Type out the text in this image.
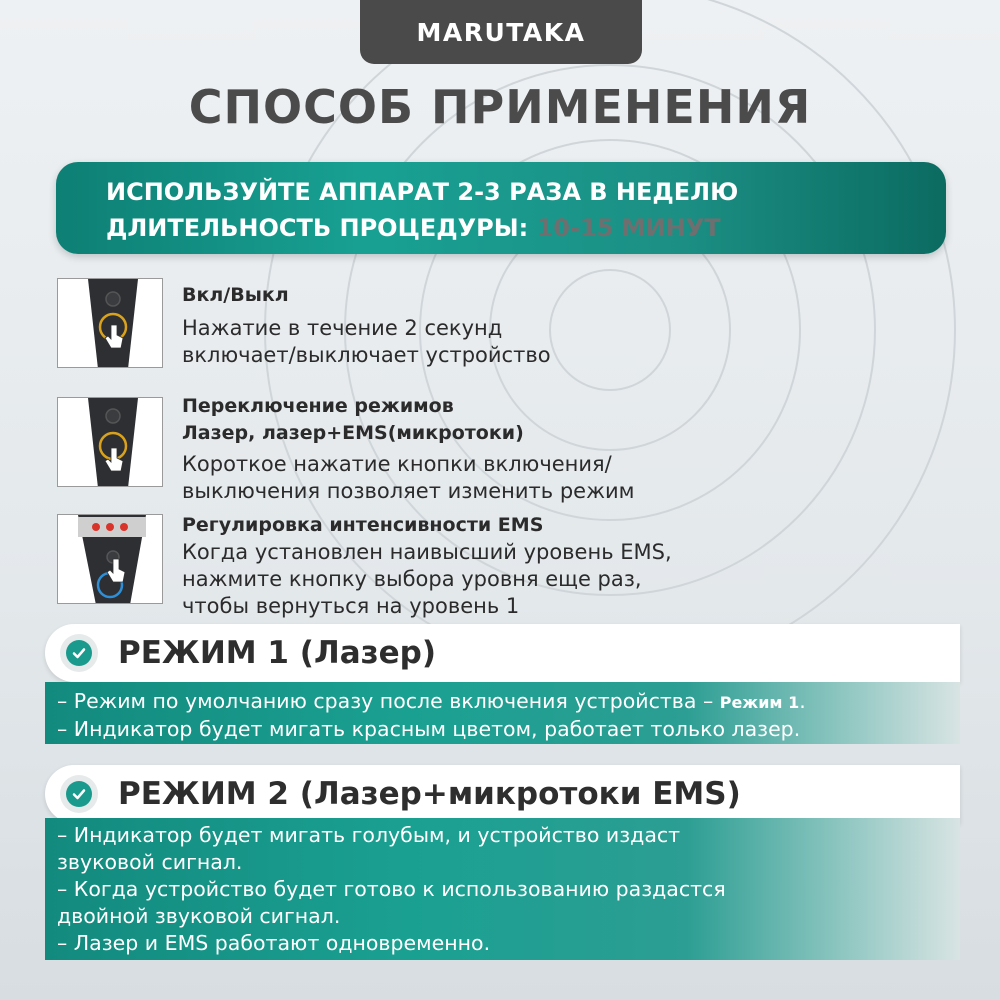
MARUTAKA
СПОСОБ ПРИМЕНЕНИЯ
ИСПОЛЬЗУЙТЕ АППАРАТ 2-3 РАЗА В НЕДЕЛЮ
ДЛИТЕЛЬНОСТЬ ПРОЦЕДУРЫ: 10-15 МИНУТ
Вкл/Выкл
Нажатие в течение 2 секунд
включает/выключает устройство
Переключение режимов
Лазер, лазер+EMS(микротоки)
Короткое нажатие кнопки включения/
выключения позволяет изменить режим
Регулировка интенсивности EMS
Когда установлен наивысший уровень EMS,
нажмите кнопку выбора уровня еще раз,
чтобы вернуться на уровень 1
РЕЖИМ 1 (Лазер)
– Режим по умолчанию сразу после включения устройства – Режим 1.
– Индикатор будет мигать красным цветом, работает только лазер.
РЕЖИМ 2 (Лазер+микротоки EMS)
– Индикатор будет мигать голубым, и устройство издаст
звуковой сигнал.
– Когда устройство будет готово к использованию раздастся
двойной звуковой сигнал.
– Лазер и EMS работают одновременно.
